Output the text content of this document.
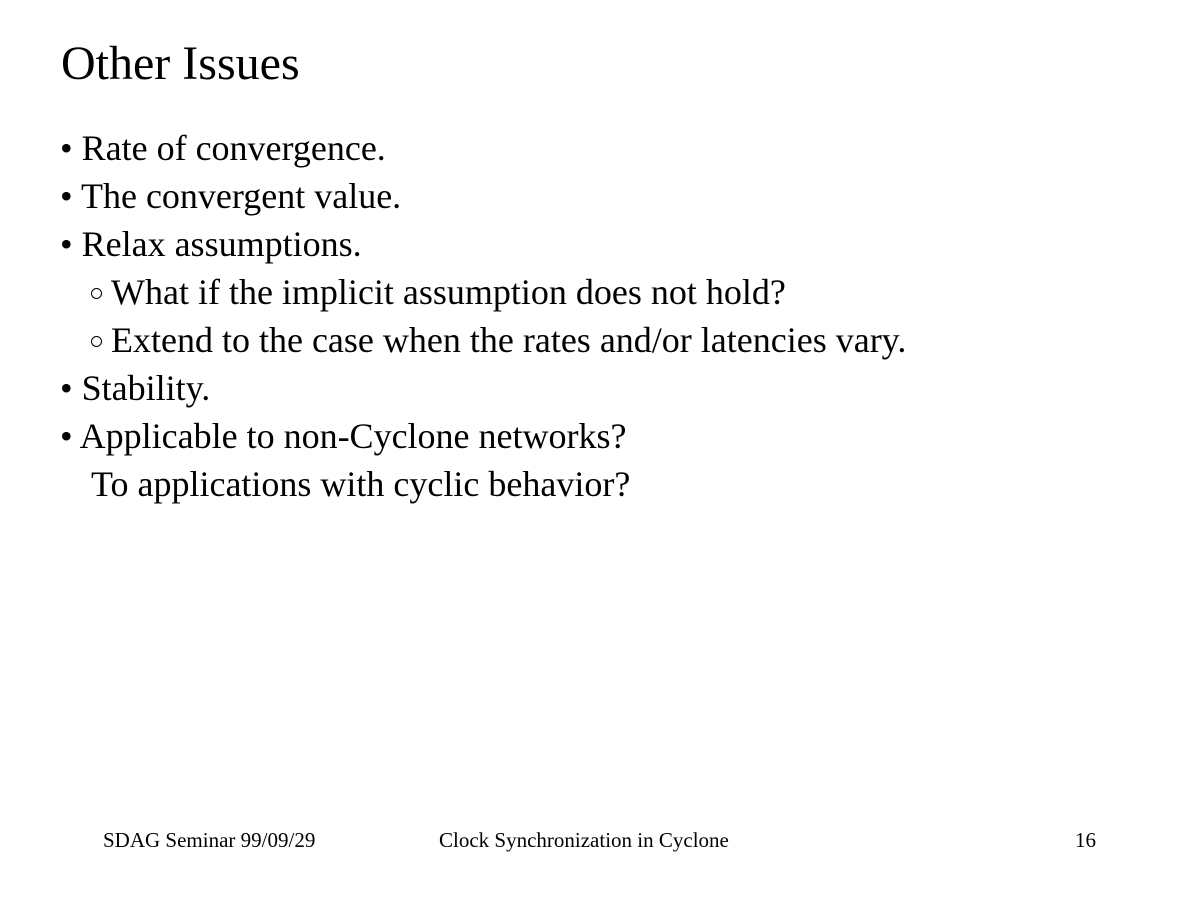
Other Issues
• Rate of convergence.
• The convergent value.
• Relax assumptions.
What if the implicit assumption does not hold?
Extend to the case when the rates and/or latencies vary.
• Stability.
• Applicable to non-Cyclone networks?
To applications with cyclic behavior?
SDAG Seminar 99/09/29	Clock Synchronization in Cyclone	16
